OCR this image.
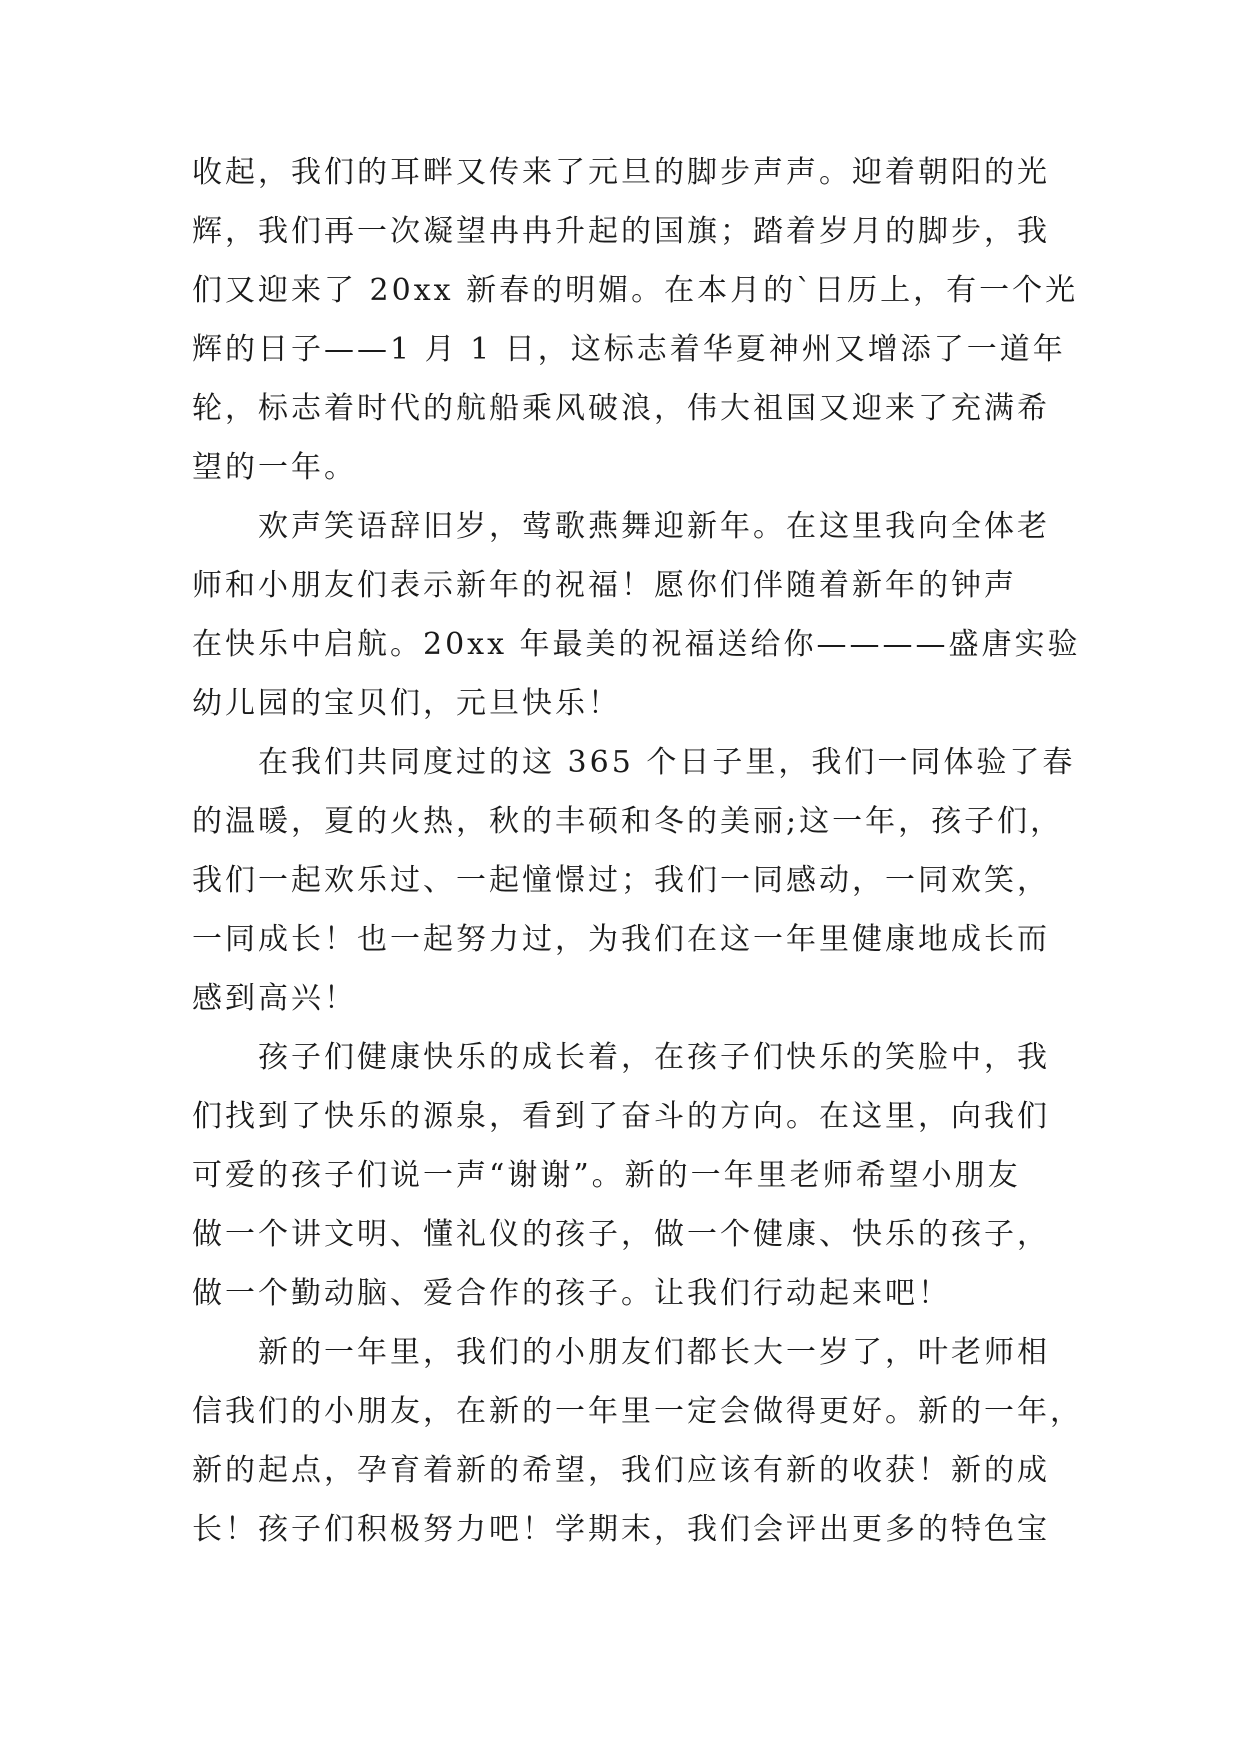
收起，我们的耳畔又传来了元旦的脚步声声。迎着朝阳的光
辉，我们再一次凝望冉冉升起的国旗；踏着岁月的脚步，我
们又迎来了 20xx 新春的明媚。在本月的`日历上，有一个光
辉的日子——1 月 1 日，这标志着华夏神州又增添了一道年
轮，标志着时代的航船乘风破浪，伟大祖国又迎来了充满希
望的一年。
欢声笑语辞旧岁，莺歌燕舞迎新年。在这里我向全体老
师和小朋友们表示新年的祝福！愿你们伴随着新年的钟声
在快乐中启航。20xx 年最美的祝福送给你————盛唐实验
幼儿园的宝贝们，元旦快乐！
在我们共同度过的这 365 个日子里，我们一同体验了春
的温暖，夏的火热，秋的丰硕和冬的美丽;这一年，孩子们，
我们一起欢乐过、一起憧憬过；我们一同感动，一同欢笑，
一同成长！也一起努力过，为我们在这一年里健康地成长而
感到高兴！
孩子们健康快乐的成长着，在孩子们快乐的笑脸中，我
们找到了快乐的源泉，看到了奋斗的方向。在这里，向我们
可爱的孩子们说一声“谢谢”。新的一年里老师希望小朋友
做一个讲文明、懂礼仪的孩子，做一个健康、快乐的孩子，
做一个勤动脑、爱合作的孩子。让我们行动起来吧！
新的一年里，我们的小朋友们都长大一岁了，叶老师相
信我们的小朋友，在新的一年里一定会做得更好。新的一年，
新的起点，孕育着新的希望，我们应该有新的收获！新的成
长！孩子们积极努力吧！学期末，我们会评出更多的特色宝
